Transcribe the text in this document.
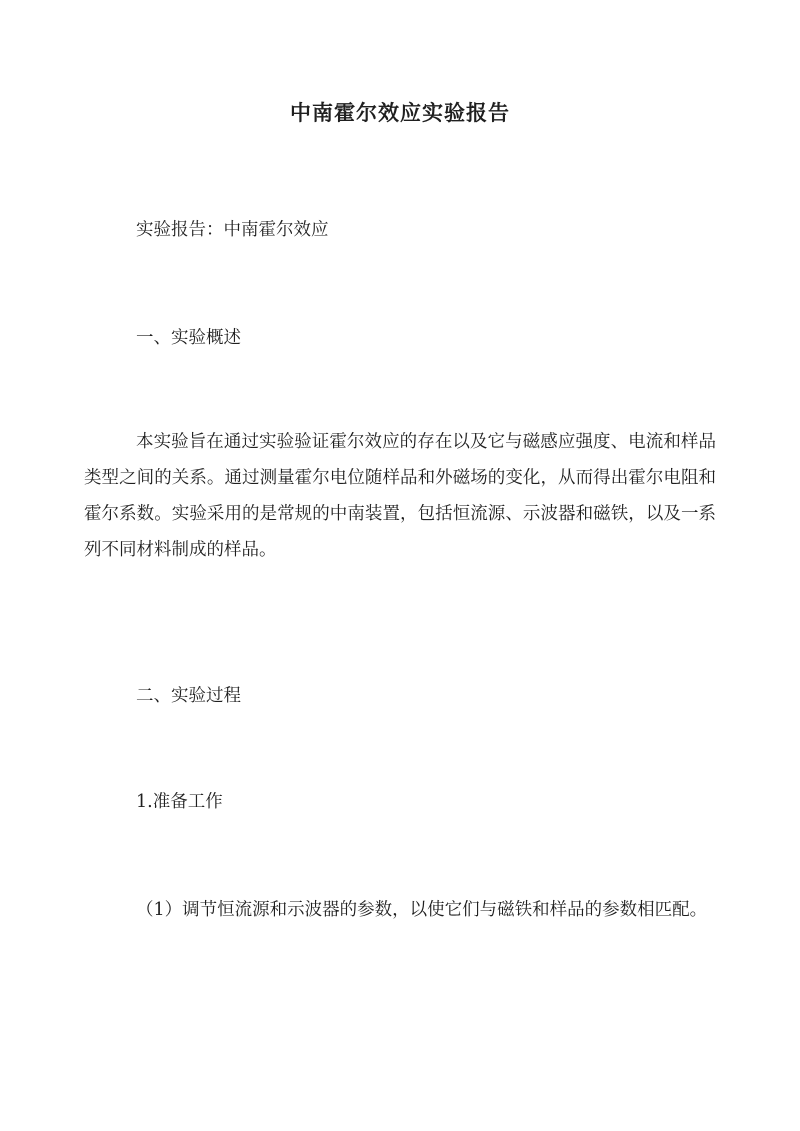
中南霍尔效应实验报告

实验报告：中南霍尔效应

一、实验概述

本实验旨在通过实验验证霍尔效应的存在以及它与磁感应强度、电流和样品类型之间的关系。通过测量霍尔电位随样品和外磁场的变化，从而得出霍尔电阻和霍尔系数。实验采用的是常规的中南装置，包括恒流源、示波器和磁铁，以及一系列不同材料制成的样品。

二、实验过程

1.准备工作

（1）调节恒流源和示波器的参数，以使它们与磁铁和样品的参数相匹配。
